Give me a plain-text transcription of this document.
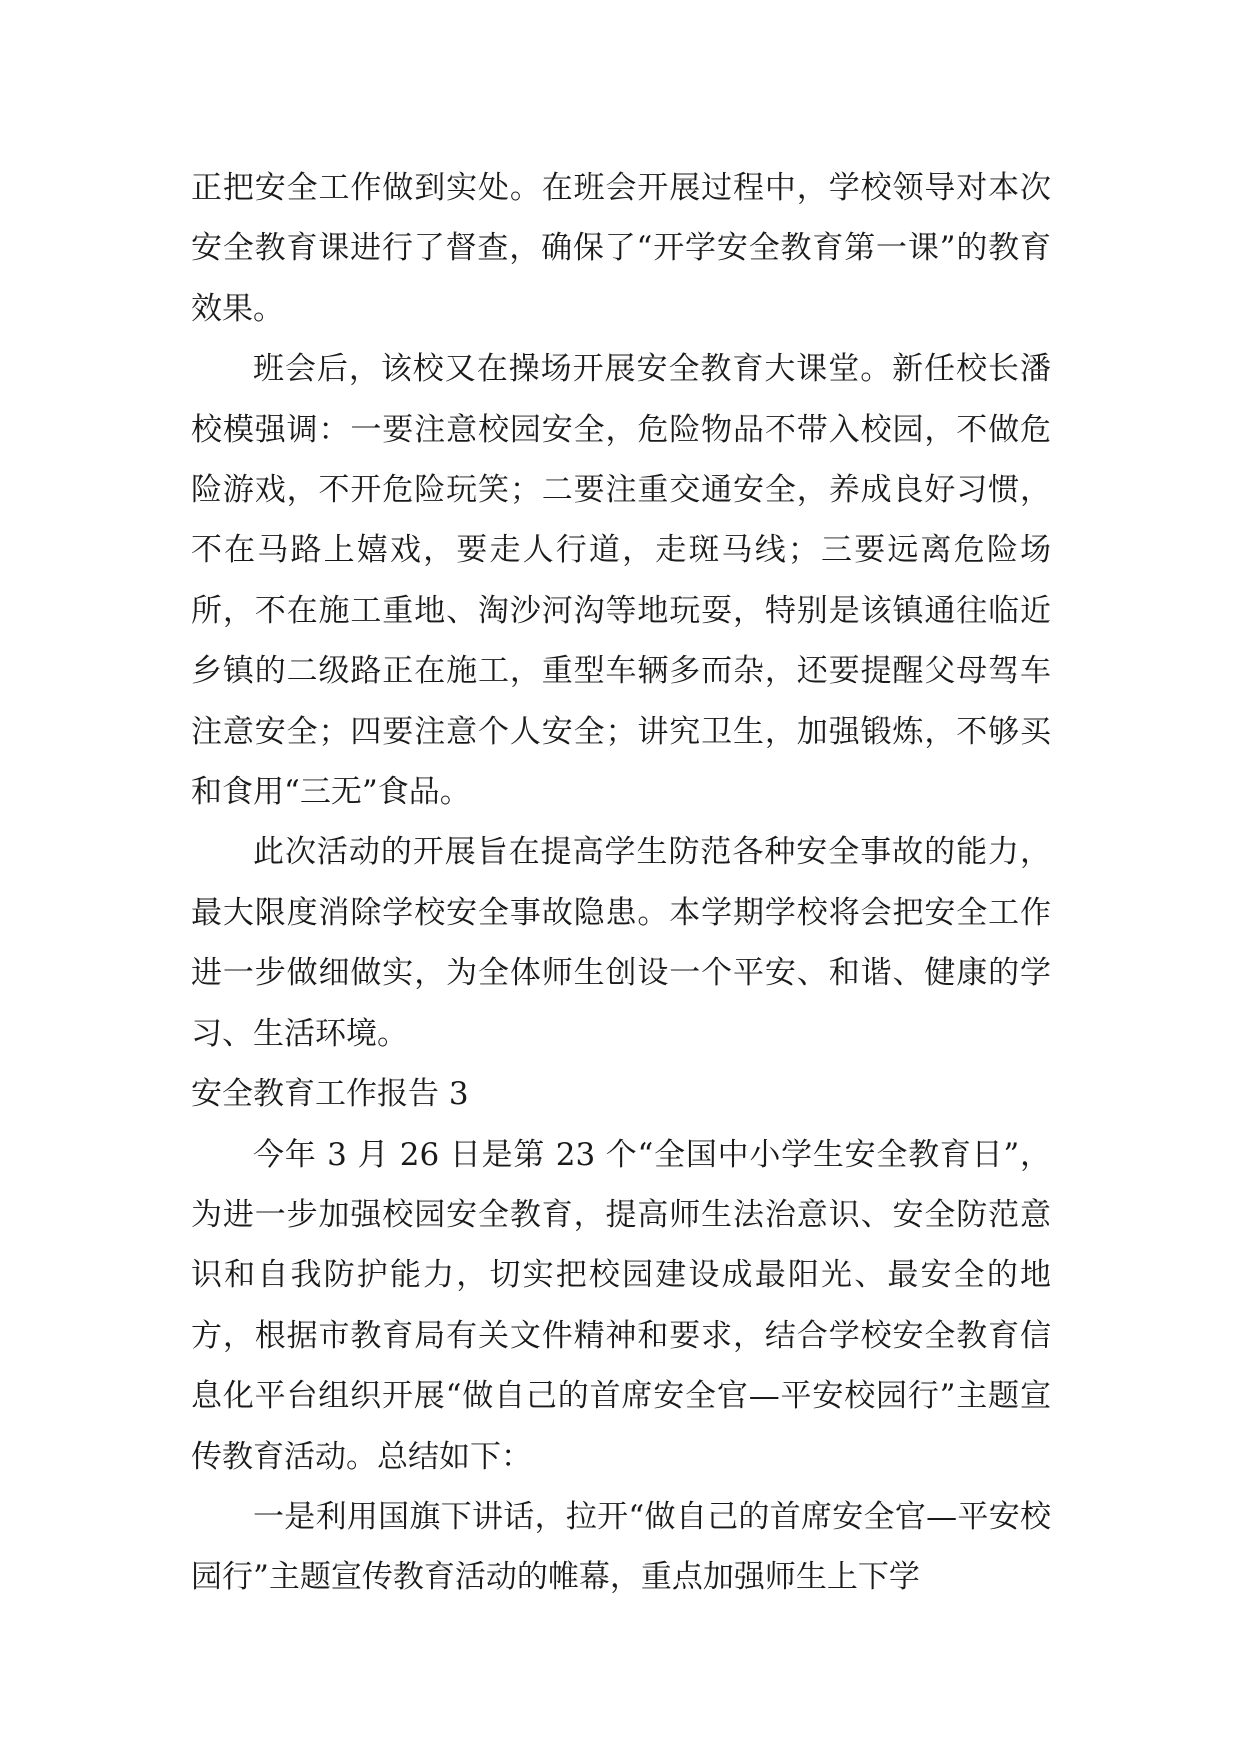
正把安全工作做到实处。在班会开展过程中，学校领导对本次安全教育课进行了督查，确保了“开学安全教育第一课”的教育效果。

班会后，该校又在操场开展安全教育大课堂。新任校长潘校模强调：一要注意校园安全，危险物品不带入校园，不做危险游戏，不开危险玩笑；二要注重交通安全，养成良好习惯，不在马路上嬉戏，要走人行道，走斑马线；三要远离危险场所，不在施工重地、淘沙河沟等地玩耍，特别是该镇通往临近乡镇的二级路正在施工，重型车辆多而杂，还要提醒父母驾车注意安全；四要注意个人安全；讲究卫生，加强锻炼，不够买和食用“三无”食品。

此次活动的开展旨在提高学生防范各种安全事故的能力，最大限度消除学校安全事故隐患。本学期学校将会把安全工作进一步做细做实，为全体师生创设一个平安、和谐、健康的学习、生活环境。

安全教育工作报告 3

今年 3 月 26 日是第 23 个“全国中小学生安全教育日”，为进一步加强校园安全教育，提高师生法治意识、安全防范意识和自我防护能力，切实把校园建设成最阳光、最安全的地方，根据市教育局有关文件精神和要求，结合学校安全教育信息化平台组织开展“做自己的首席安全官—平安校园行”主题宣传教育活动。总结如下：

一是利用国旗下讲话，拉开“做自己的首席安全官—平安校园行”主题宣传教育活动的帷幕，重点加强师生上下学
